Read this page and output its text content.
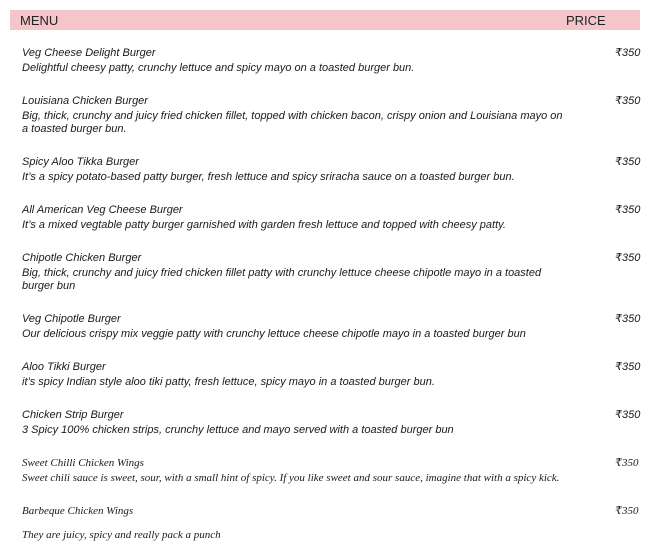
MENU	PRICE
Veg Cheese Delight Burger
Delightful cheesy patty, crunchy lettuce and spicy mayo on a toasted burger bun.
₹350
Louisiana Chicken Burger
Big, thick, crunchy and juicy fried chicken fillet, topped with chicken bacon, crispy onion and Louisiana mayo on a toasted burger bun.
₹350
Spicy Aloo Tikka Burger
It’s a spicy potato-based patty burger, fresh lettuce and spicy sriracha sauce on a toasted burger bun.
₹350
All American Veg Cheese Burger
It’s a mixed vegtable patty burger garnished with garden fresh lettuce and topped with cheesy patty.
₹350
Chipotle Chicken Burger
Big, thick, crunchy and juicy fried chicken fillet patty with crunchy lettuce cheese chipotle mayo in a toasted burger bun
₹350
Veg Chipotle Burger
Our delicious crispy mix veggie patty with crunchy lettuce cheese chipotle mayo in a toasted burger bun
₹350
Aloo Tikki Burger
it’s spicy Indian style aloo tiki patty, fresh lettuce, spicy mayo in a toasted burger bun.
₹350
Chicken Strip Burger
3 Spicy 100% chicken strips, crunchy lettuce and mayo served with a toasted burger bun
₹350
Sweet Chilli Chicken Wings
Sweet chili sauce is sweet, sour, with a small hint of spicy. If you like sweet and sour sauce, imagine that with a spicy kick.
₹350
Barbeque Chicken Wings
They are juicy, spicy and really pack a punch
₹350
